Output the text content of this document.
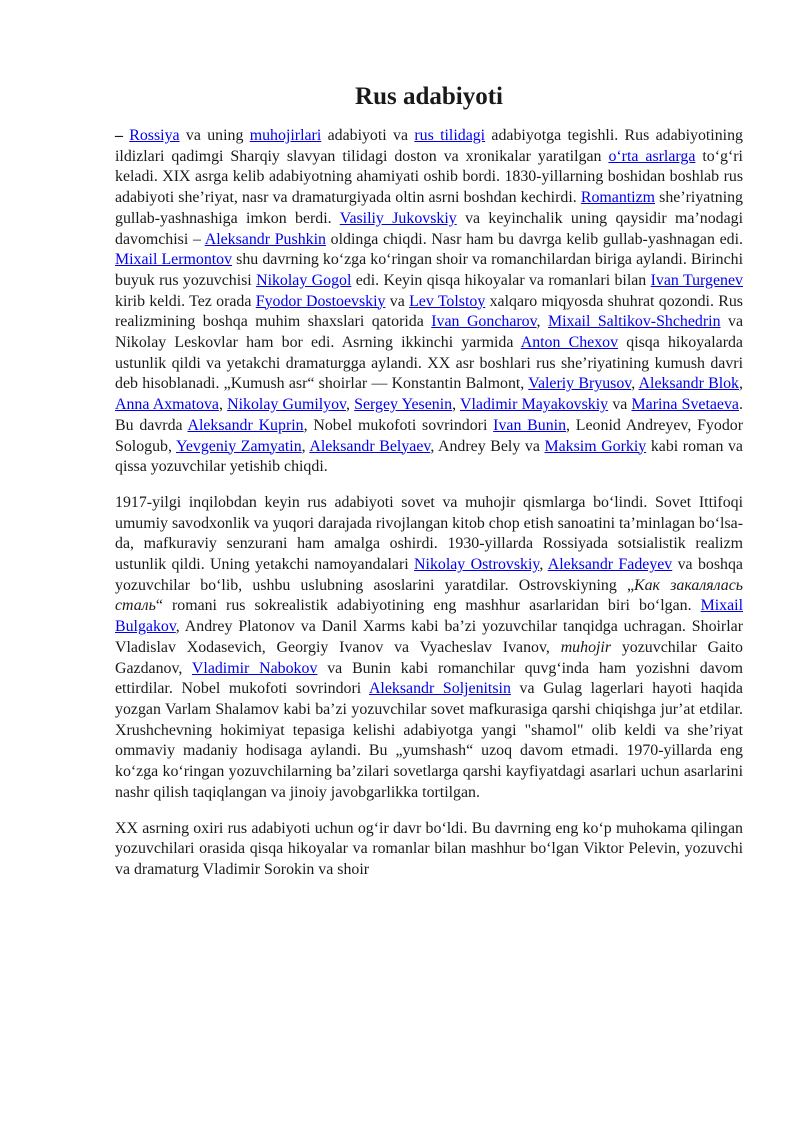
Rus adabiyoti

– Rossiya va uning muhojirlari adabiyoti va rus tilidagi adabiyotga tegishli. Rus adabiyotining ildizlari qadimgi Sharqiy slavyan tilidagi doston va xronikalar yaratilgan oʻrta asrlarga toʻgʻri keladi. XIX asrga kelib adabiyotning ahamiyati oshib bordi. 1830-yillarning boshidan boshlab rus adabiyoti sheʼriyat, nasr va dramaturgiyada oltin asrni boshdan kechirdi. Romantizm sheʼriyatning gullab-yashnashiga imkon berdi. Vasiliy Jukovskiy va keyinchalik uning qaysidir maʼnodagi davomchisi – Aleksandr Pushkin oldinga chiqdi. Nasr ham bu davrga kelib gullab-yashnagan edi. Mixail Lermontov shu davrning koʻzga koʻringan shoir va romanchilardan biriga aylandi. Birinchi buyuk rus yozuvchisi Nikolay Gogol edi. Keyin qisqa hikoyalar va romanlari bilan Ivan Turgenev kirib keldi. Tez orada Fyodor Dostoevskiy va Lev Tolstoy xalqaro miqyosda shuhrat qozondi. Rus realizmining boshqa muhim shaxslari qatorida Ivan Goncharov, Mixail Saltikov-Shchedrin va Nikolay Leskovlar ham bor edi. Asrning ikkinchi yarmida Anton Chexov qisqa hikoyalarda ustunlik qildi va yetakchi dramaturgga aylandi. XX asr boshlari rus sheʼriyatining kumush davri deb hisoblanadi. „Kumush asr“ shoirlar — Konstantin Balmont, Valeriy Bryusov, Aleksandr Blok, Anna Axmatova, Nikolay Gumilyov, Sergey Yesenin, Vladimir Mayakovskiy va Marina Svetaeva. Bu davrda Aleksandr Kuprin, Nobel mukofoti sovrindori Ivan Bunin, Leonid Andreyev, Fyodor Sologub, Yevgeniy Zamyatin, Aleksandr Belyaev, Andrey Bely va Maksim Gorkiy kabi roman va qissa yozuvchilar yetishib chiqdi.

1917-yilgi inqilobdan keyin rus adabiyoti sovet va muhojir qismlarga boʻlindi. Sovet Ittifoqi umumiy savodxonlik va yuqori darajada rivojlangan kitob chop etish sanoatini taʼminlagan boʻlsa-da, mafkuraviy senzurani ham amalga oshirdi. 1930-yillarda Rossiyada sotsialistik realizm ustunlik qildi. Uning yetakchi namoyandalari Nikolay Ostrovskiy, Aleksandr Fadeyev va boshqa yozuvchilar boʻlib, ushbu uslubning asoslarini yaratdilar. Ostrovskiyning „Как закалялась сталь“ romani rus sokrealistik adabiyotining eng mashhur asarlaridan biri boʻlgan. Mixail Bulgakov, Andrey Platonov va Danil Xarms kabi baʼzi yozuvchilar tanqidga uchragan. Shoirlar Vladislav Xodasevich, Georgiy Ivanov va Vyacheslav Ivanov, muhojir yozuvchilar Gaito Gazdanov, Vladimir Nabokov va Bunin kabi romanchilar quvgʻinda ham yozishni davom ettirdilar. Nobel mukofoti sovrindori Aleksandr Soljenitsin va Gulag lagerlari hayoti haqida yozgan Varlam Shalamov kabi baʼzi yozuvchilar sovet mafkurasiga qarshi chiqishga jurʼat etdilar. Xrushchevning hokimiyat tepasiga kelishi adabiyotga yangi "shamol" olib keldi va sheʼriyat ommaviy madaniy hodisaga aylandi. Bu „yumshash“ uzoq davom etmadi. 1970-yillarda eng koʻzga koʻringan yozuvchilarning baʼzilari sovetlarga qarshi kayfiyatdagi asarlari uchun asarlarini nashr qilish taqiqlangan va jinoiy javobgarlikka tortilgan.

XX asrning oxiri rus adabiyoti uchun ogʻir davr boʻldi. Bu davrning eng koʻp muhokama qilingan yozuvchilari orasida qisqa hikoyalar va romanlar bilan mashhur boʻlgan Viktor Pelevin, yozuvchi va dramaturg Vladimir Sorokin va shoir
